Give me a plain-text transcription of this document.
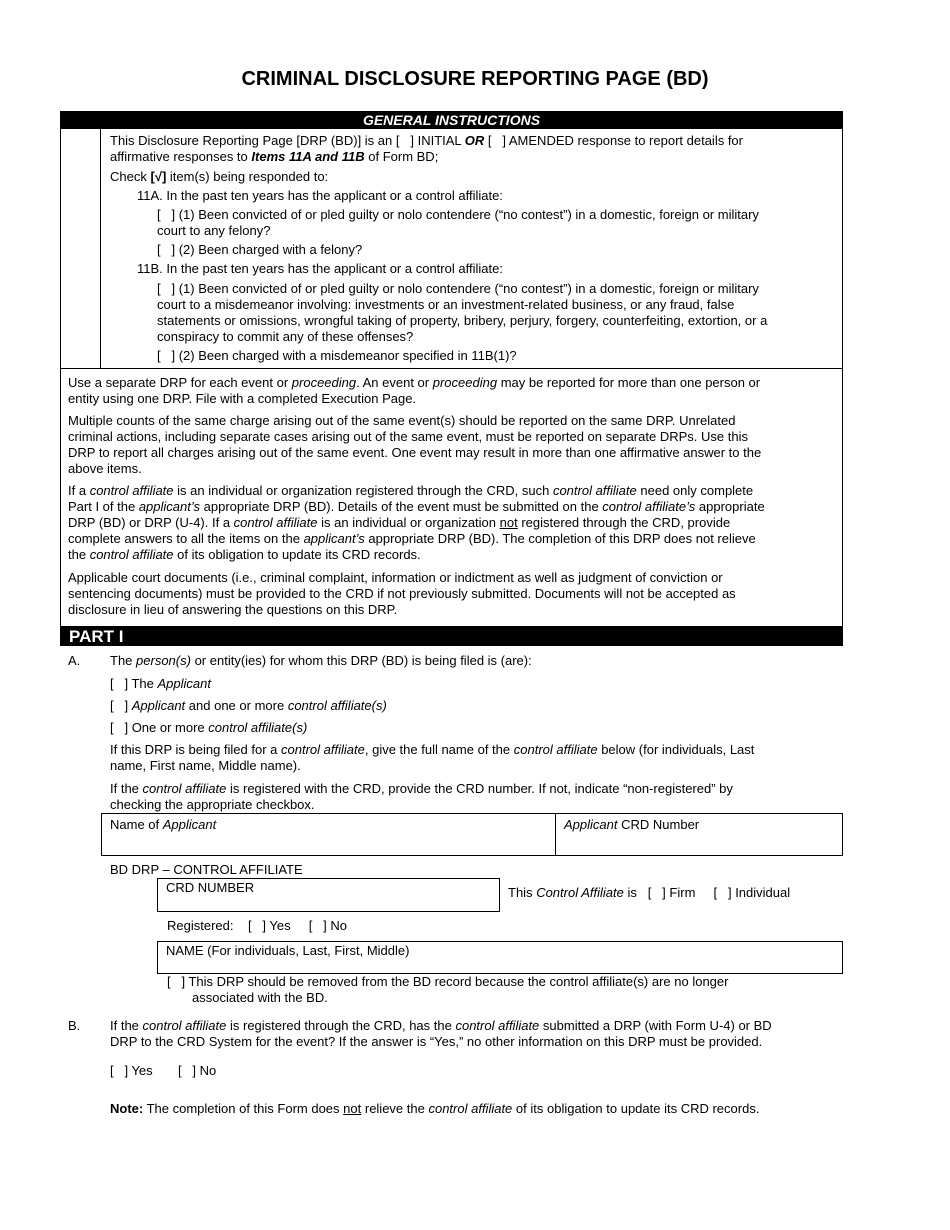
CRIMINAL DISCLOSURE REPORTING PAGE (BD)
GENERAL INSTRUCTIONS
This Disclosure Reporting Page [DRP (BD)] is an [   ] INITIAL OR [   ] AMENDED response to report details for
affirmative responses to Items 11A and 11B of Form BD;
Check [√] item(s) being responded to:
11A. In the past ten years has the applicant or a control affiliate:
[   ] (1) Been convicted of or pled guilty or nolo contendere (“no contest”) in a domestic, foreign or military
court to any felony?
[   ] (2) Been charged with a felony?
11B. In the past ten years has the applicant or a control affiliate:
[   ] (1) Been convicted of or pled guilty or nolo contendere (“no contest”) in a domestic, foreign or military
court to a misdemeanor involving: investments or an investment-related business, or any fraud, false
statements or omissions, wrongful taking of property, bribery, perjury, forgery, counterfeiting, extortion, or a
conspiracy to commit any of these offenses?
[   ] (2) Been charged with a misdemeanor specified in 11B(1)?
Use a separate DRP for each event or proceeding. An event or proceeding may be reported for more than one person or
entity using one DRP. File with a completed Execution Page.
Multiple counts of the same charge arising out of the same event(s) should be reported on the same DRP. Unrelated
criminal actions, including separate cases arising out of the same event, must be reported on separate DRPs. Use this
DRP to report all charges arising out of the same event. One event may result in more than one affirmative answer to the
above items.
If a control affiliate is an individual or organization registered through the CRD, such control affiliate need only complete
Part I of the applicant’s appropriate DRP (BD). Details of the event must be submitted on the control affiliate’s appropriate
DRP (BD) or DRP (U-4). If a control affiliate is an individual or organization not registered through the CRD, provide
complete answers to all the items on the applicant’s appropriate DRP (BD). The completion of this DRP does not relieve
the control affiliate of its obligation to update its CRD records.
Applicable court documents (i.e., criminal complaint, information or indictment as well as judgment of conviction or
sentencing documents) must be provided to the CRD if not previously submitted. Documents will not be accepted as
disclosure in lieu of answering the questions on this DRP.
PART I
A. The person(s) or entity(ies) for whom this DRP (BD) is being filed is (are):
[   ] The Applicant
[   ] Applicant and one or more control affiliate(s)
[   ] One or more control affiliate(s)
If this DRP is being filed for a control affiliate, give the full name of the control affiliate below (for individuals, Last
name, First name, Middle name).
If the control affiliate is registered with the CRD, provide the CRD number. If not, indicate “non-registered” by
checking the appropriate checkbox.
Name of Applicant	Applicant CRD Number
BD DRP – CONTROL AFFILIATE
CRD NUMBER	This Control Affiliate is   [   ] Firm     [   ] Individual
Registered:    [   ] Yes     [   ] No
NAME (For individuals, Last, First, Middle)
[   ] This DRP should be removed from the BD record because the control affiliate(s) are no longer
associated with the BD.
B. If the control affiliate is registered through the CRD, has the control affiliate submitted a DRP (with Form U-4) or BD
DRP to the CRD System for the event? If the answer is “Yes,” no other information on this DRP must be provided.
[   ] Yes       [   ] No
Note: The completion of this Form does not relieve the control affiliate of its obligation to update its CRD records.
